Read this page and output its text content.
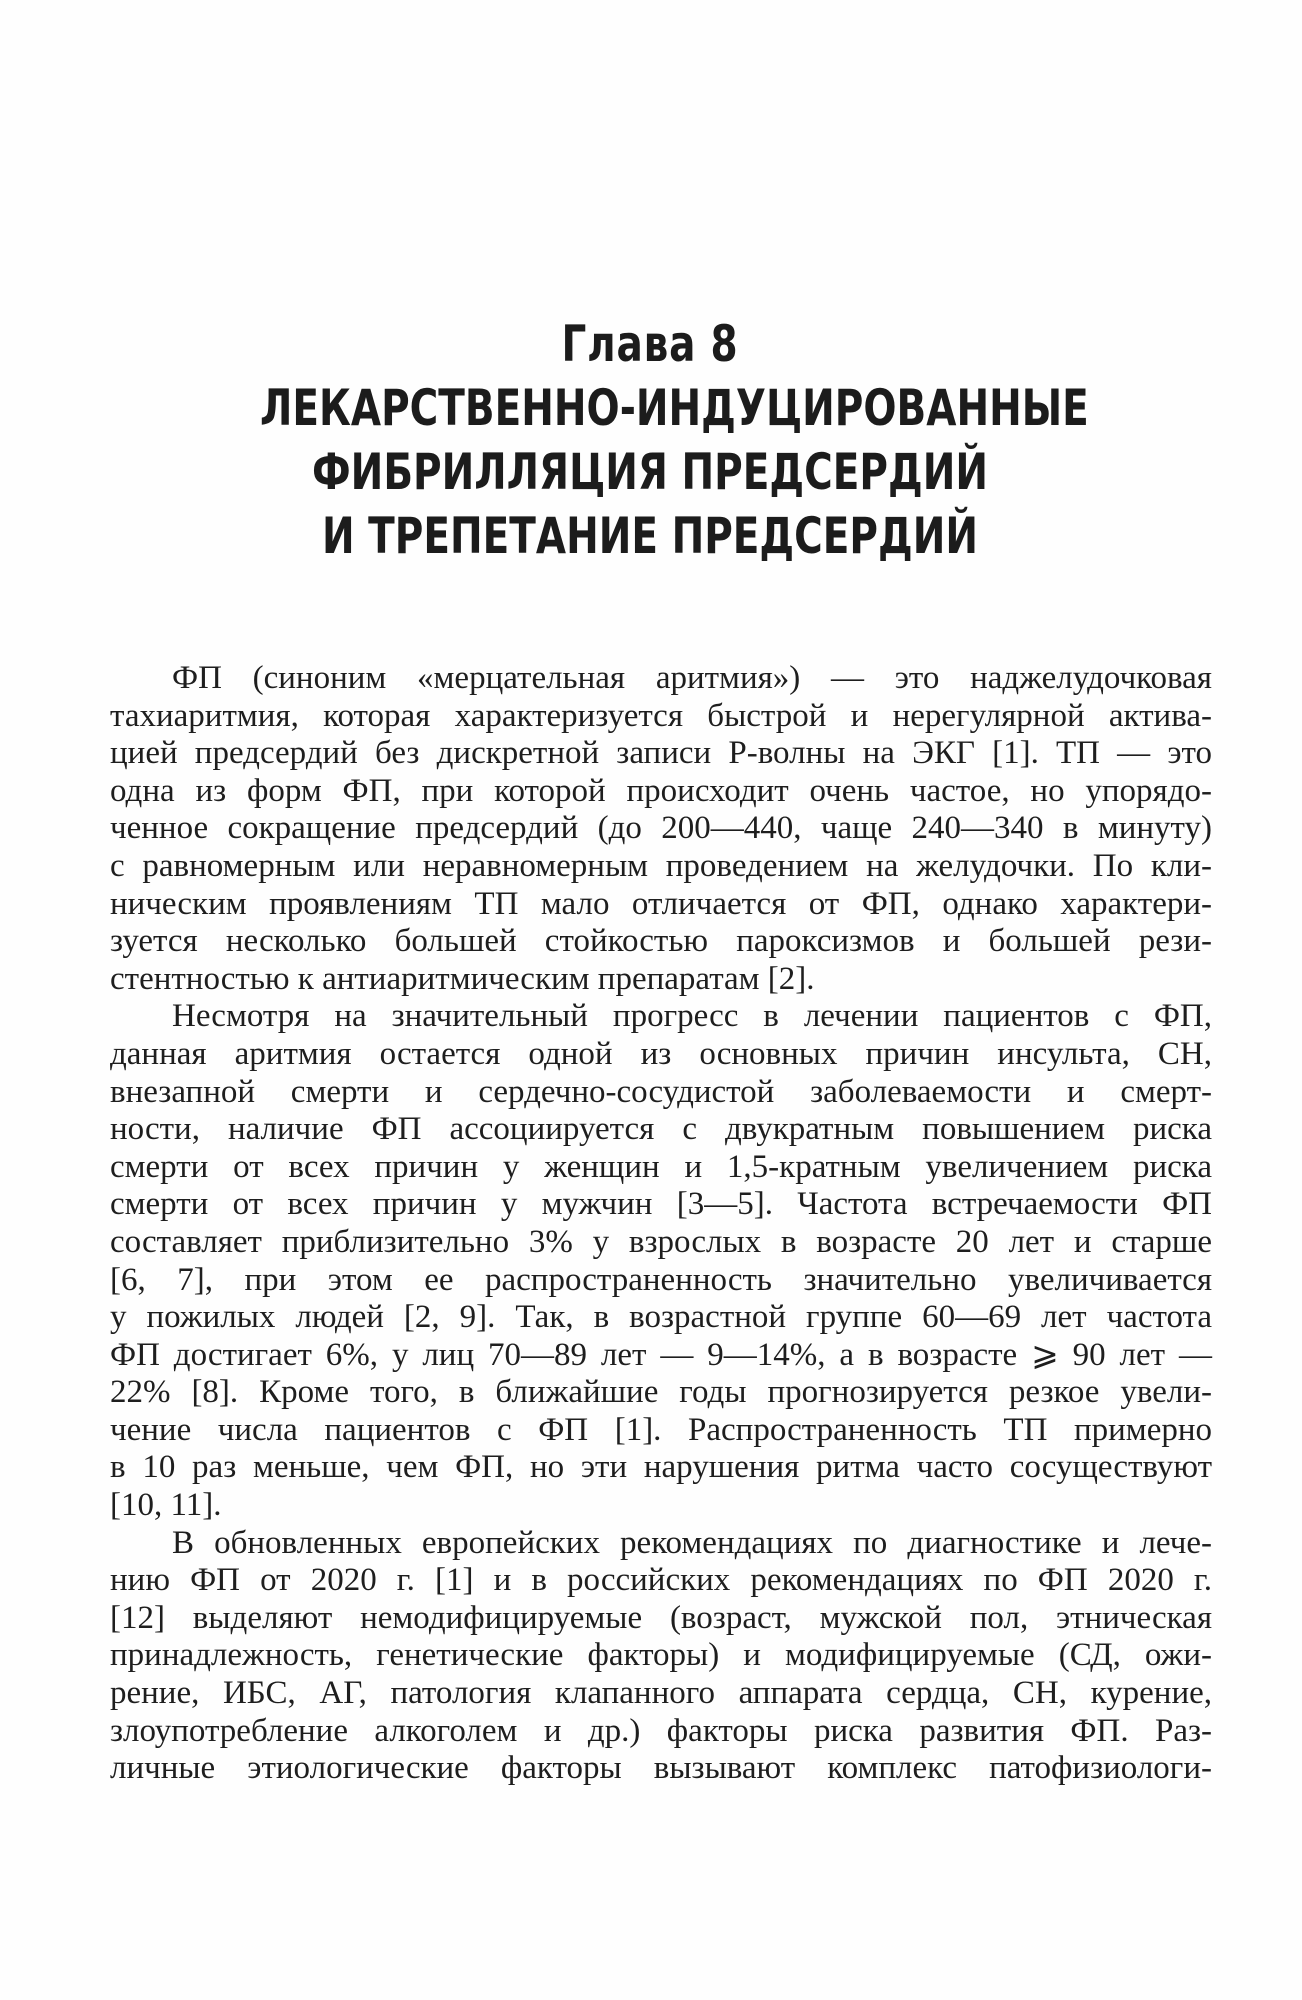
Глава 8
ЛЕКАРСТВЕННО-ИНДУЦИРОВАННЫЕ
ФИБРИЛЛЯЦИЯ ПРЕДСЕРДИЙ
И ТРЕПЕТАНИЕ ПРЕДСЕРДИЙ

ФП (синоним «мерцательная аритмия») — это наджелудочковая
тахиаритмия, которая характеризуется быстрой и нерегулярной актива-
цией предсердий без дискретной записи P-волны на ЭКГ [1]. ТП — это
одна из форм ФП, при которой происходит очень частое, но упорядо-
ченное сокращение предсердий (до 200—440, чаще 240—340 в минуту)
с равномерным или неравномерным проведением на желудочки. По кли-
ническим проявлениям ТП мало отличается от ФП, однако характери-
зуется несколько большей стойкостью пароксизмов и большей рези-
стентностью к антиаритмическим препаратам [2].

Несмотря на значительный прогресс в лечении пациентов с ФП,
данная аритмия остается одной из основных причин инсульта, СН,
внезапной смерти и сердечно-сосудистой заболеваемости и смерт-
ности, наличие ФП ассоциируется с двукратным повышением риска
смерти от всех причин у женщин и 1,5-кратным увеличением риска
смерти от всех причин у мужчин [3—5]. Частота встречаемости ФП
составляет приблизительно 3% у взрослых в возрасте 20 лет и старше
[6, 7], при этом ее распространенность значительно увеличивается
у пожилых людей [2, 9]. Так, в возрастной группе 60—69 лет частота
ФП достигает 6%, у лиц 70—89 лет — 9—14%, а в возрасте ⩾ 90 лет —
22% [8]. Кроме того, в ближайшие годы прогнозируется резкое увели-
чение числа пациентов с ФП [1]. Распространенность ТП примерно
в 10 раз меньше, чем ФП, но эти нарушения ритма часто сосуществуют
[10, 11].

В обновленных европейских рекомендациях по диагностике и лече-
нию ФП от 2020 г. [1] и в российских рекомендациях по ФП 2020 г.
[12] выделяют немодифицируемые (возраст, мужской пол, этническая
принадлежность, генетические факторы) и модифицируемые (СД, ожи-
рение, ИБС, АГ, патология клапанного аппарата сердца, СН, курение,
злоупотребление алкоголем и др.) факторы риска развития ФП. Раз-
личные этиологические факторы вызывают комплекс патофизиологи-
